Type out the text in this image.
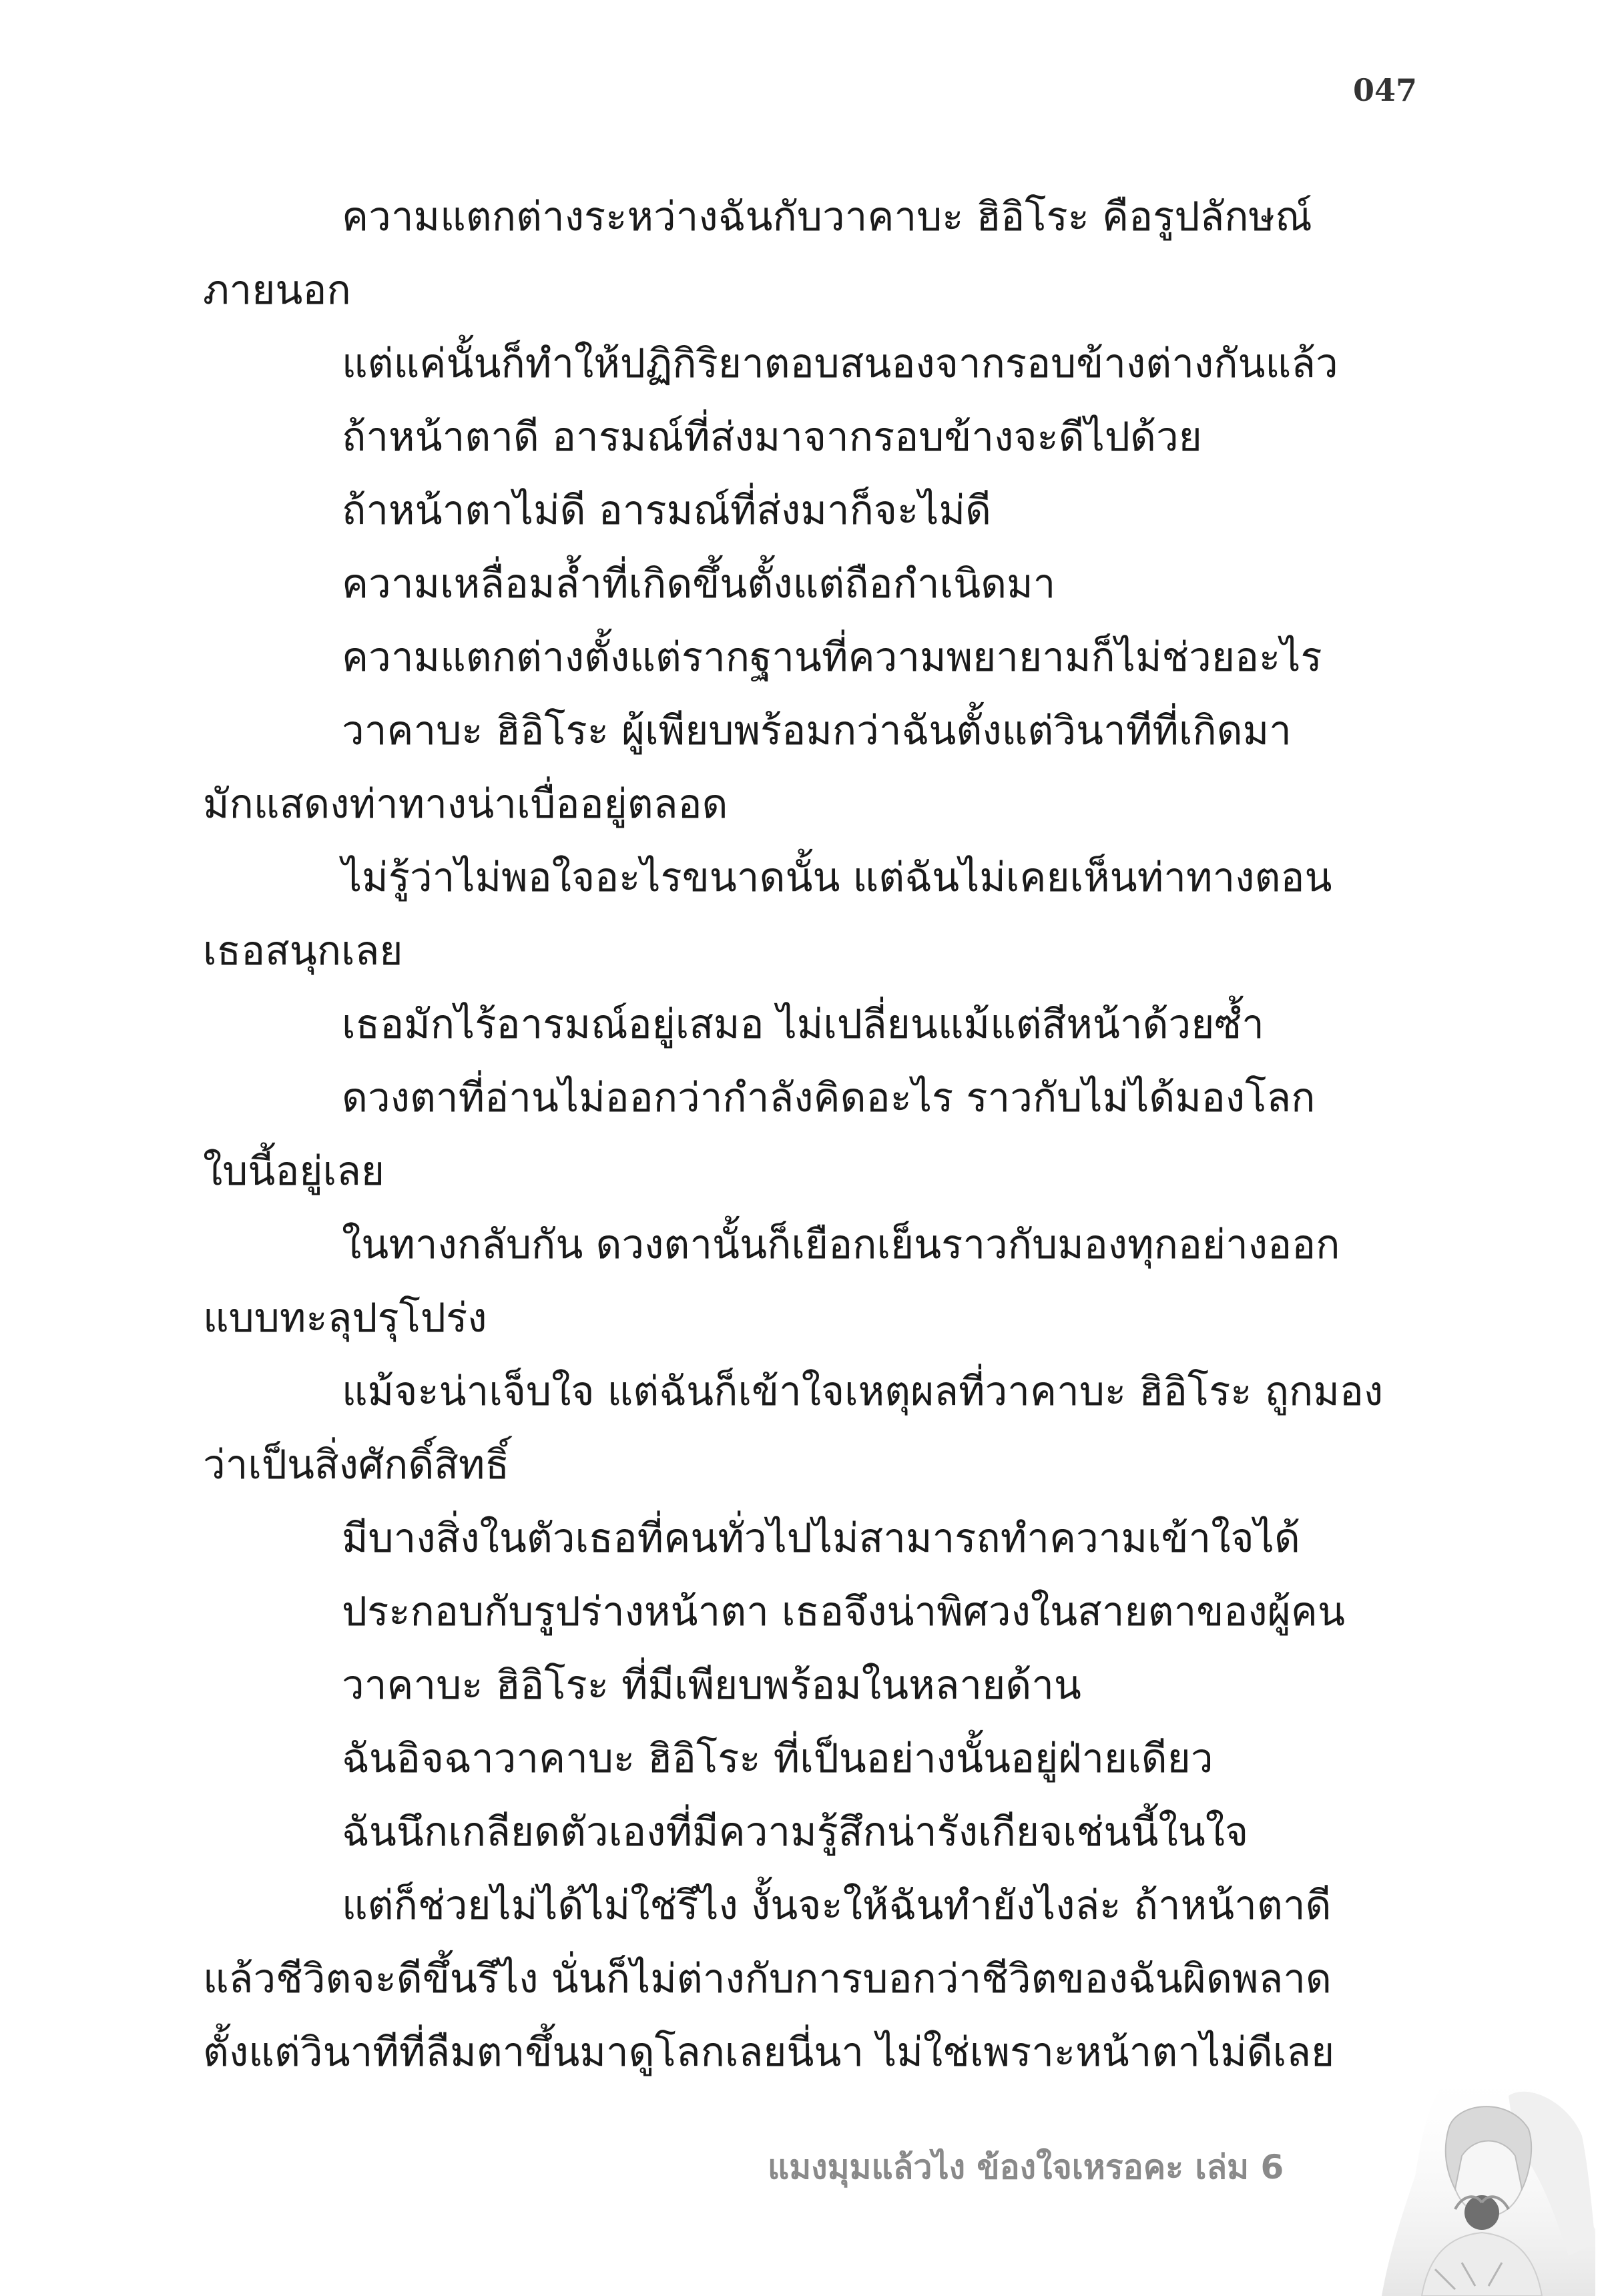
047
ความแตกต่างระหว่างฉันกับวาคาบะ ฮิอิโระ คือรูปลักษณ์
ภายนอก
แต่แค่นั้นก็ทำให้ปฏิกิริยาตอบสนองจากรอบข้างต่างกันแล้ว
ถ้าหน้าตาดี อารมณ์ที่ส่งมาจากรอบข้างจะดีไปด้วย
ถ้าหน้าตาไม่ดี อารมณ์ที่ส่งมาก็จะไม่ดี
ความเหลื่อมล้ำที่เกิดขึ้นตั้งแต่ถือกำเนิดมา
ความแตกต่างตั้งแต่รากฐานที่ความพยายามก็ไม่ช่วยอะไร
วาคาบะ ฮิอิโระ ผู้เพียบพร้อมกว่าฉันตั้งแต่วินาทีที่เกิดมา
มักแสดงท่าทางน่าเบื่ออยู่ตลอด
ไม่รู้ว่าไม่พอใจอะไรขนาดนั้น แต่ฉันไม่เคยเห็นท่าทางตอน
เธอสนุกเลย
เธอมักไร้อารมณ์อยู่เสมอ ไม่เปลี่ยนแม้แต่สีหน้าด้วยซ้ำ
ดวงตาที่อ่านไม่ออกว่ากำลังคิดอะไร ราวกับไม่ได้มองโลก
ใบนี้อยู่เลย
ในทางกลับกัน ดวงตานั้นก็เยือกเย็นราวกับมองทุกอย่างออก
แบบทะลุปรุโปร่ง
แม้จะน่าเจ็บใจ แต่ฉันก็เข้าใจเหตุผลที่วาคาบะ ฮิอิโระ ถูกมอง
ว่าเป็นสิ่งศักดิ์สิทธิ์
มีบางสิ่งในตัวเธอที่คนทั่วไปไม่สามารถทำความเข้าใจได้
ประกอบกับรูปร่างหน้าตา เธอจึงน่าพิศวงในสายตาของผู้คน
วาคาบะ ฮิอิโระ ที่มีเพียบพร้อมในหลายด้าน
ฉันอิจฉาวาคาบะ ฮิอิโระ ที่เป็นอย่างนั้นอยู่ฝ่ายเดียว
ฉันนึกเกลียดตัวเองที่มีความรู้สึกน่ารังเกียจเช่นนี้ในใจ
แต่ก็ช่วยไม่ได้ไม่ใช่รึไง งั้นจะให้ฉันทำยังไงล่ะ ถ้าหน้าตาดี
แล้วชีวิตจะดีขึ้นรึไง นั่นก็ไม่ต่างกับการบอกว่าชีวิตของฉันผิดพลาด
ตั้งแต่วินาทีที่ลืมตาขึ้นมาดูโลกเลยนี่นา ไม่ใช่เพราะหน้าตาไม่ดีเลย
แมงมุมแล้วไง ข้องใจเหรอคะ เล่ม 6
